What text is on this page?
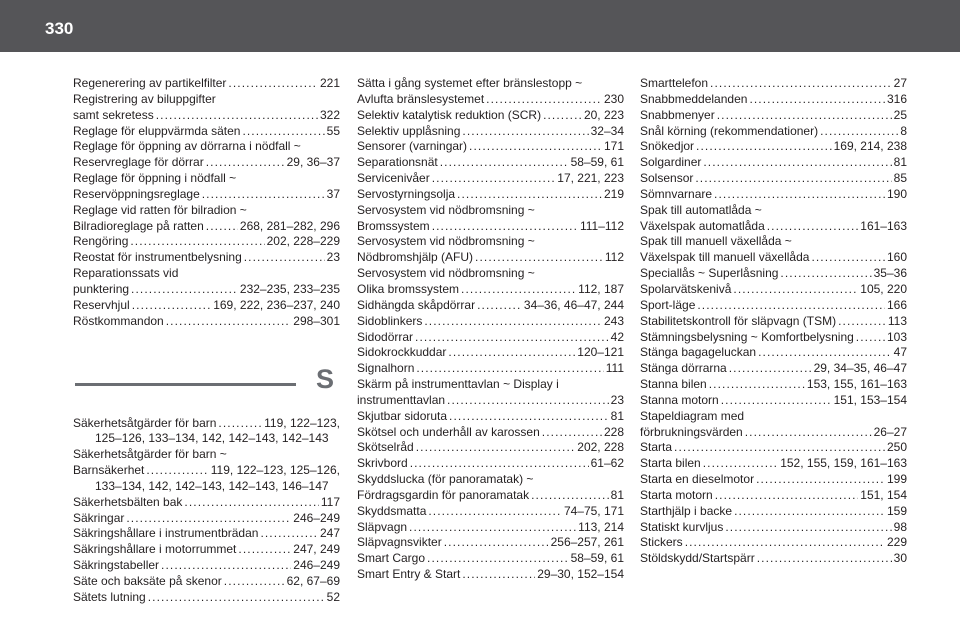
330
Regenerering av partikelfilter .....	221
Registrering av biluppgifter
samt sekretess .....	322
Reglage för eluppvärmda säten .....	55
Reglage för öppning av dörrarna i nödfall ~
Reservreglage för dörrar .....	29, 36–37
Reglage för öppning i nödfall ~
Reservöppningsreglage .....	37
Reglage vid ratten för bilradion ~
Bilradioreglage på ratten .....	268, 281–282, 296
Rengöring .....	202, 228–229
Reostat för instrumentbelysning .....	23
Reparationssats vid
punktering .....	232–235, 233–235
Reservhjul .....	169, 222, 236–237, 240
Röstkommandon .....	298–301
S
Säkerhetsåtgärder för barn .....	119, 122–123,
125–126, 133–134, 142, 142–143, 142–143
Säkerhetsåtgärder för barn ~
Barnsäkerhet .....	119, 122–123, 125–126,
133–134, 142, 142–143, 142–143, 146–147
Säkerhetsbälten bak .....	117
Säkringar .....	246–249
Säkringshållare i instrumentbrädan .....	247
Säkringshållare i motorrummet .....	247, 249
Säkringstabeller .....	246–249
Säte och baksäte på skenor .....	62, 67–69
Sätets lutning .....	52
Sätta i gång systemet efter bränslestopp ~
Avlufta bränslesystemet .....	230
Selektiv katalytisk reduktion (SCR) .....	20, 223
Selektiv upplåsning .....	32–34
Sensorer (varningar) .....	171
Separationsnät .....	58–59, 61
Servicenivåer .....	17, 221, 223
Servostyrningsolja .....	219
Servosystem vid nödbromsning ~
Bromssystem .....	111–112
Servosystem vid nödbromsning ~
Nödbromshjälp (AFU) .....	112
Servosystem vid nödbromsning ~
Olika bromssystem .....	112, 187
Sidhängda skåpdörrar .....	34–36, 46–47, 244
Sidoblinkers .....	243
Sidodörrar .....	42
Sidokrockkuddar .....	120–121
Signalhorn .....	111
Skärm på instrumenttavlan ~ Display i
instrumenttavlan .....	23
Skjutbar sidoruta .....	81
Skötsel och underhåll av karossen .....	228
Skötselråd .....	202, 228
Skrivbord .....	61–62
Skyddslucka (för panoramatak) ~
Fördragsgardin för panoramatak .....	81
Skyddsmatta .....	74–75, 171
Släpvagn .....	113, 214
Släpvagnsvikter .....	256–257, 261
Smart Cargo .....	58–59, 61
Smart Entry & Start .....	29–30, 152–154
Smarttelefon .....	27
Snabbmeddelanden .....	316
Snabbmenyer .....	25
Snål körning (rekommendationer) .....	8
Snökedjor .....	169, 214, 238
Solgardiner .....	81
Solsensor .....	85
Sömnvarnare .....	190
Spak till automatlåda ~
Växelspak automatlåda .....	161–163
Spak till manuell växellåda ~
Växelspak till manuell växellåda .....	160
Speciallås ~ Superlåsning .....	35–36
Spolarvätskenivå .....	105, 220
Sport-läge .....	166
Stabilitetskontroll för släpvagn (TSM) .....	113
Stämningsbelysning ~ Komfortbelysning .....	103
Stänga bagageluckan .....	47
Stänga dörrarna .....	29, 34–35, 46–47
Stanna bilen .....	153, 155, 161–163
Stanna motorn .....	151, 153–154
Stapeldiagram med
förbrukningsvärden .....	26–27
Starta .....	250
Starta bilen .....	152, 155, 159, 161–163
Starta en dieselmotor .....	199
Starta motorn .....	151, 154
Starthjälp i backe .....	159
Statiskt kurvljus .....	98
Stickers .....	229
Stöldskydd/Startspärr .....	30
